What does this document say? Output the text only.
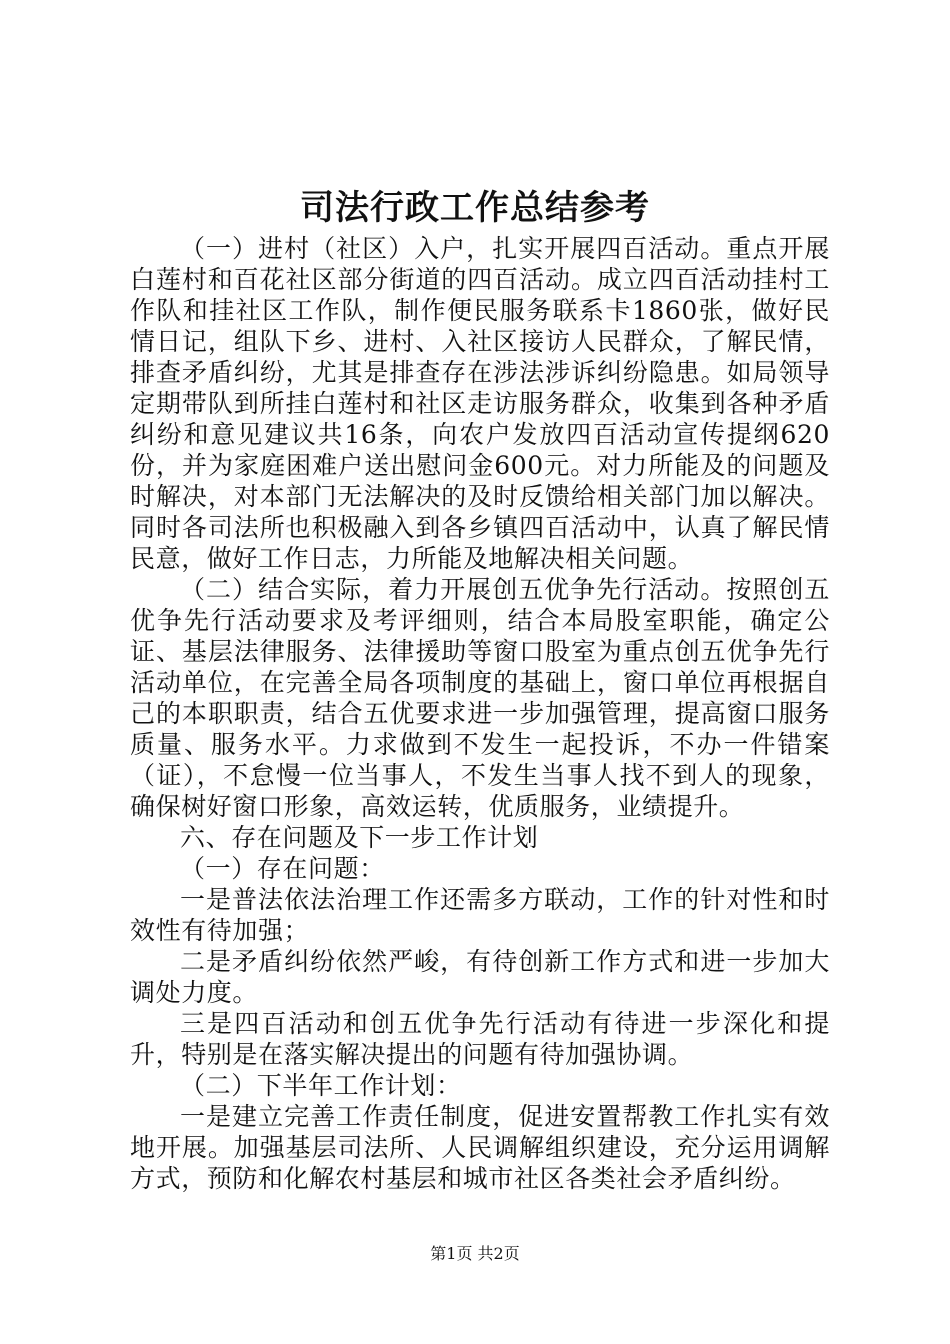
司法行政工作总结参考

（一）进村（社区）入户，扎实开展四百活动。重点开展白莲村和百花社区部分街道的四百活动。成立四百活动挂村工作队和挂社区工作队，制作便民服务联系卡1860张，做好民情日记，组队下乡、进村、入社区接访人民群众，了解民情，排查矛盾纠纷，尤其是排查存在涉法涉诉纠纷隐患。如局领导定期带队到所挂白莲村和社区走访服务群众，收集到各种矛盾纠纷和意见建议共16条，向农户发放四百活动宣传提纲620份，并为家庭困难户送出慰问金600元。对力所能及的问题及时解决，对本部门无法解决的及时反馈给相关部门加以解决。同时各司法所也积极融入到各乡镇四百活动中，认真了解民情民意，做好工作日志，力所能及地解决相关问题。

（二）结合实际，着力开展创五优争先行活动。按照创五优争先行活动要求及考评细则，结合本局股室职能，确定公证、基层法律服务、法律援助等窗口股室为重点创五优争先行活动单位，在完善全局各项制度的基础上，窗口单位再根据自己的本职职责，结合五优要求进一步加强管理，提高窗口服务质量、服务水平。力求做到不发生一起投诉，不办一件错案（证），不怠慢一位当事人，不发生当事人找不到人的现象，确保树好窗口形象，高效运转，优质服务，业绩提升。

六、存在问题及下一步工作计划

（一）存在问题：

一是普法依法治理工作还需多方联动，工作的针对性和时效性有待加强；

二是矛盾纠纷依然严峻，有待创新工作方式和进一步加大调处力度。

三是四百活动和创五优争先行活动有待进一步深化和提升，特别是在落实解决提出的问题有待加强协调。

（二）下半年工作计划：

一是建立完善工作责任制度，促进安置帮教工作扎实有效地开展。加强基层司法所、人民调解组织建设，充分运用调解方式，预防和化解农村基层和城市社区各类社会矛盾纠纷。

第1页 共2页
